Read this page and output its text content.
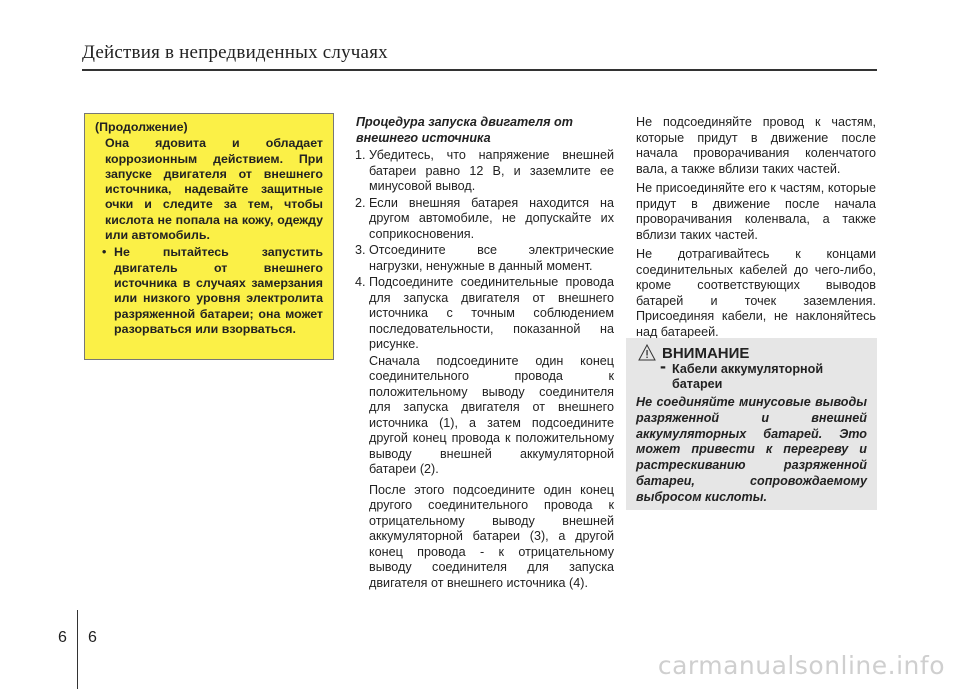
Действия в непредвиденных случаях
(Продолжение)
Она ядовита и обладает коррозионным действием. При запуске двигателя от внешнего источника, надевайте защитные очки и следите за тем, чтобы кислота не попала на кожу, одежду или автомобиль.
• Не пытайтесь запустить двигатель от внешнего источника в случаях замерзания или низкого уровня электролита разряженной батареи; она может разорваться или взорваться.
Процедура запуска двигателя от внешнего источника
1. Убедитесь, что напряжение внешней батареи равно 12 В, и заземлите ее минусовой вывод.
2. Если внешняя батарея находится на другом автомобиле, не допускайте их соприкосновения.
3. Отсоедините все электрические нагрузки, ненужные в данный момент.
4. Подсоедините соединительные провода для запуска двигателя от внешнего источника с точным соблюдением последовательности, показанной на рисунке.
Сначала подсоедините один конец соединительного провода к положительному выводу соединителя для запуска двигателя от внешнего источника (1), а затем подсоедините другой конец провода к положительному выводу внешней аккумуляторной батареи (2).
После этого подсоедините один конец другого соединительного провода к отрицательному выводу внешней аккумуляторной батареи (3), а другой конец провода - к отрицательному выводу соединителя для запуска двигателя от внешнего источника (4).

Не подсоединяйте провод к частям, которые придут в движение после начала проворачивания коленчатого вала, а также вблизи таких частей.

Не присоединяйте его к частям, которые придут в движение после начала проворачивания коленвала, а также вблизи таких частей.

Не дотрагивайтесь к концами соединительных кабелей до чего-либо, кроме соответствующих выводов батарей и точек заземления. Присоединяя кабели, не наклоняйтесь над батареей.

ВНИМАНИЕ
- Кабели аккумуляторной батареи
Не соединяйте минусовые выводы разряженной и внешней аккумуляторных батарей. Это может привести к перегреву и растрескиванию разряженной батареи, сопровождаемому выбросом кислоты.
6 6
carmanualsonline.info
